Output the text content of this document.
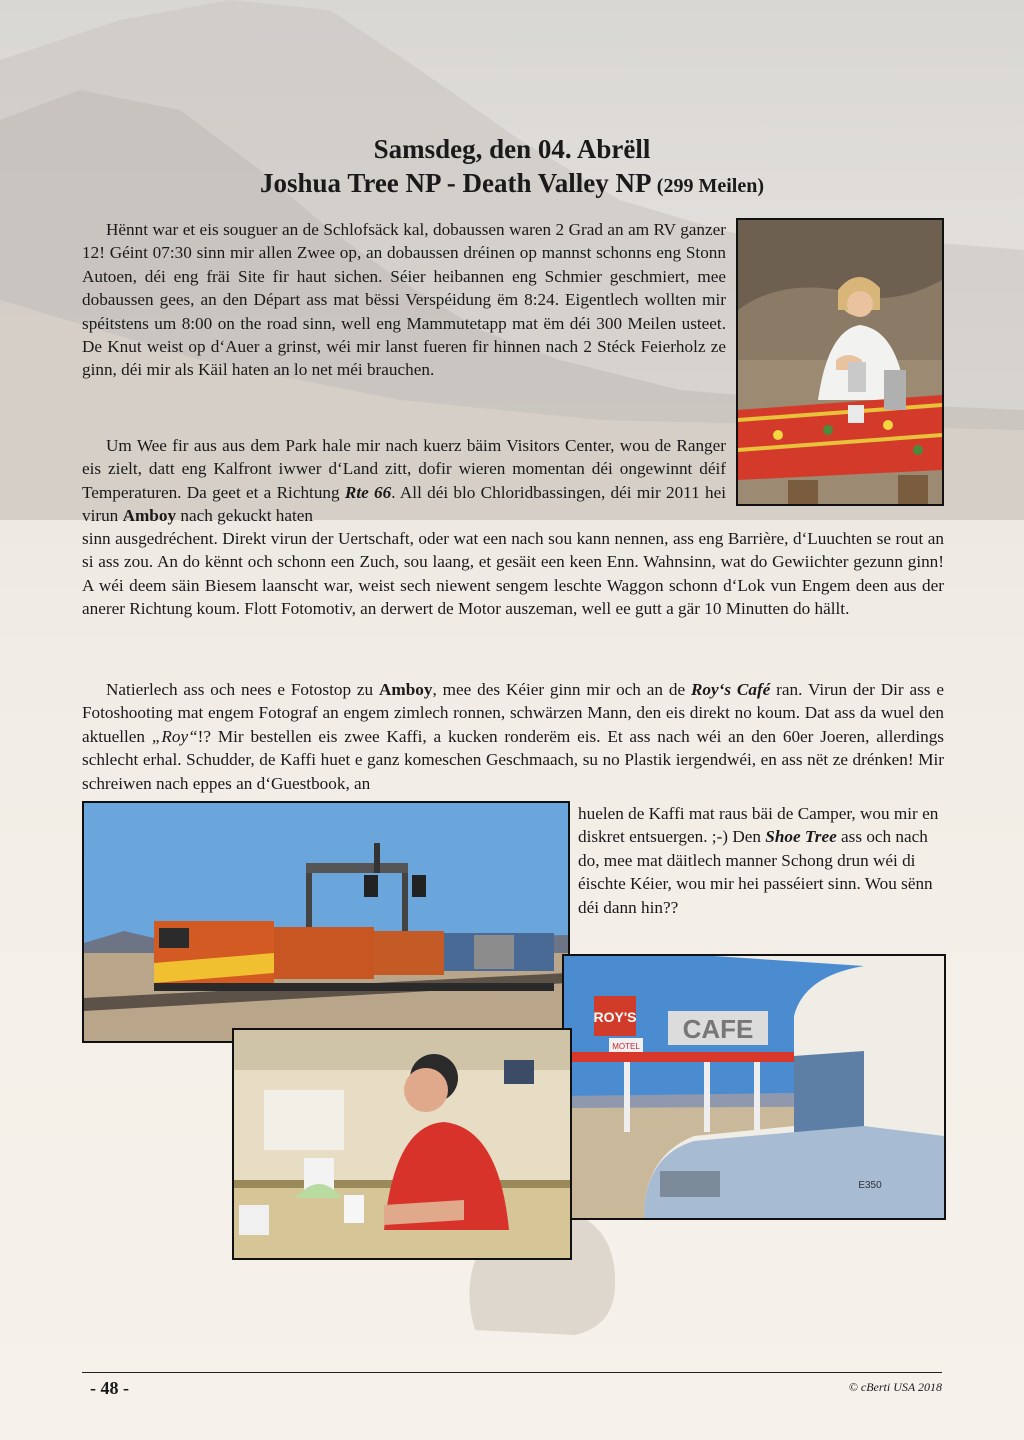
Samsdeg, den 04. Abrëll
Joshua Tree NP - Death Valley NP (299 Meilen)
Hënnt war et eis souguer an de Schlofsäck kal, dobaussen waren 2 Grad an am RV ganzer 12! Géint 07:30 sinn mir allen Zwee op, an dobaussen dréinen op mannst schonns eng Stonn Autoen, déi eng fräi Site fir haut sichen. Séier heibannen eng Schmier geschmiert, mee dobaussen gees, an den Départ ass mat bëssi Verspéidung ëm 8:24. Eigentlech wollten mir spéitstens um 8:00 on the road sinn, well eng Mammutetapp mat ëm déi 300 Meilen usteet. De Knut weist op d‘Auer a grinst, wéi mir lanst fueren fir hinnen nach 2 Stéck Feierholz ze ginn, déi mir als Käil haten an lo net méi brauchen.
Um Wee fir aus aus dem Park hale mir nach kuerz bäim Visitors Center, wou de Ranger eis zielt, datt eng Kalfront iwwer d‘Land zitt, dofir wieren momentan déi ongewinnt déif Temperaturen. Da geet et a Richtung Rte 66. All déi blo Chloridbassingen, déi mir 2011 hei virun Amboy nach gekuckt haten
sinn ausgedréchent. Direkt virun der Uertschaft, oder wat een nach sou kann nennen, ass eng Barrière, d‘Luuchten se rout an si ass zou. An do kënnt och schonn een Zuch, sou laang, et gesäit een keen Enn. Wahnsinn, wat do Gewiichter gezunn ginn! A wéi deem säin Biesem laanscht war, weist sech niewent sengem leschte Waggon schonn d‘Lok vun Engem deen aus der anerer Richtung koum. Flott Fotomotiv, an derwert de Motor auszeman, well ee gutt a gär 10 Minutten do hällt.
Natierlech ass och nees e Fotostop zu Amboy, mee des Kéier ginn mir och an de Roy‘s Café ran. Virun der Dir ass e Fotoshooting mat engem Fotograf an engem zimlech ronnen, schwärzen Mann, den eis direkt no koum. Dat ass da wuel den aktuellen „Roy“!? Mir bestellen eis zwee Kaffi, a kucken ronderëm eis. Et ass nach wéi an den 60er Joeren, allerdings schlecht erhal. Schudder, de Kaffi huet e ganz komeschen Geschmaach, su no Plastik iergendwéi, en ass nët ze drénken! Mir schreiwen nach eppes an d‘Guestbook, an
huelen de Kaffi mat raus bäi de Camper, wou mir en diskret entsuergen. ;-) Den Shoe Tree ass och nach do, mee mat däitlech manner Schong drun wéi di éischte Kéier, wou mir hei passéiert sinn. Wou sënn déi dann hin??
ROY'S
MOTEL
CAFE
E350
- 48 -	© cBerti USA 2018
